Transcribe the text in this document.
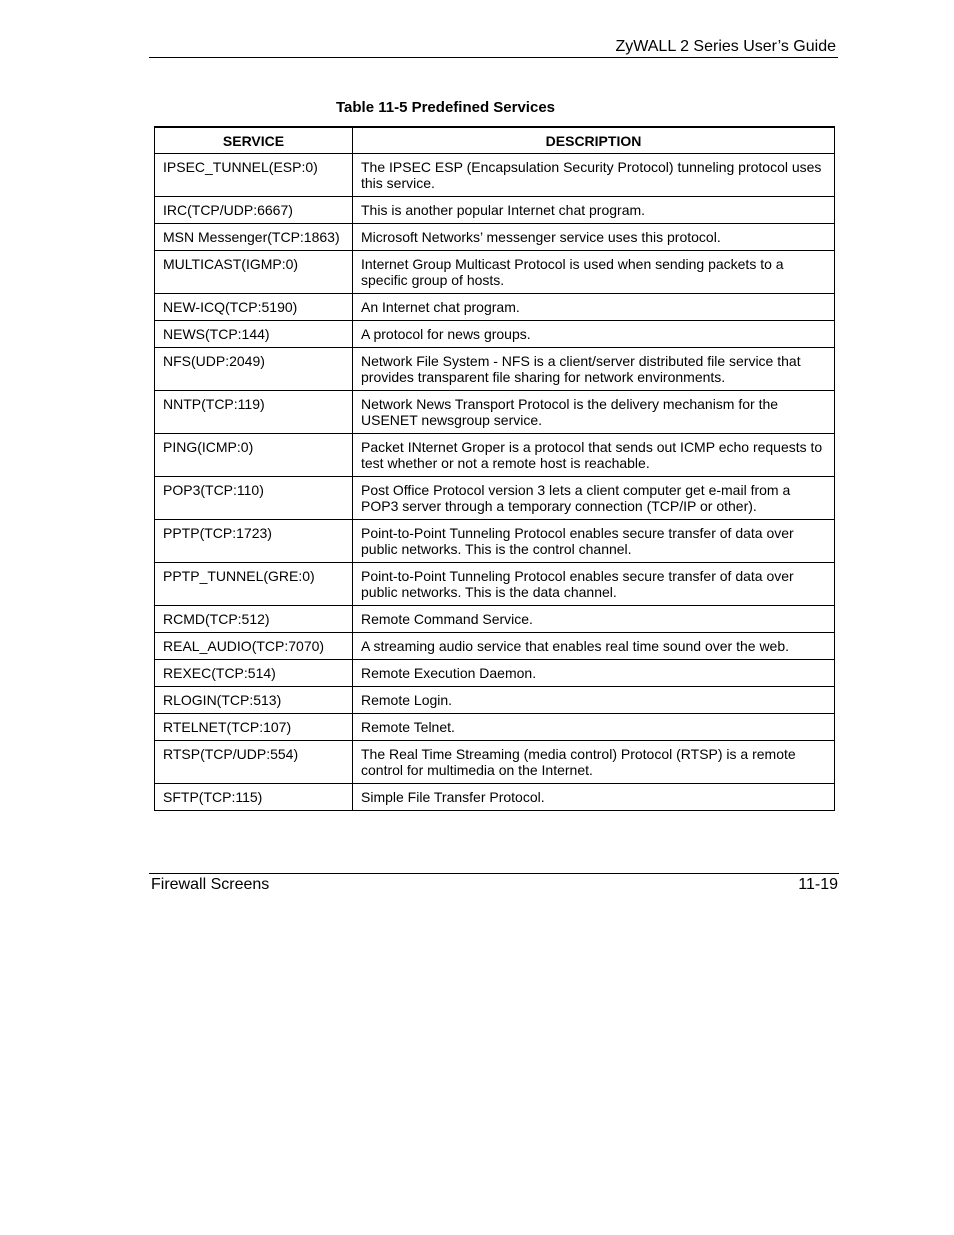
ZyWALL 2 Series User’s Guide
Table 11-5 Predefined Services
SERVICE	DESCRIPTION
IPSEC_TUNNEL(ESP:0)	The IPSEC ESP (Encapsulation Security Protocol) tunneling protocol uses this service.
IRC(TCP/UDP:6667)	This is another popular Internet chat program.
MSN Messenger(TCP:1863)	Microsoft Networks’ messenger service uses this protocol.
MULTICAST(IGMP:0)	Internet Group Multicast Protocol is used when sending packets to a specific group of hosts.
NEW-ICQ(TCP:5190)	An Internet chat program.
NEWS(TCP:144)	A protocol for news groups.
NFS(UDP:2049)	Network File System - NFS is a client/server distributed file service that provides transparent file sharing for network environments.
NNTP(TCP:119)	Network News Transport Protocol is the delivery mechanism for the USENET newsgroup service.
PING(ICMP:0)	Packet INternet Groper is a protocol that sends out ICMP echo requests to test whether or not a remote host is reachable.
POP3(TCP:110)	Post Office Protocol version 3 lets a client computer get e-mail from a POP3 server through a temporary connection (TCP/IP or other).
PPTP(TCP:1723)	Point-to-Point Tunneling Protocol enables secure transfer of data over public networks. This is the control channel.
PPTP_TUNNEL(GRE:0)	Point-to-Point Tunneling Protocol enables secure transfer of data over public networks. This is the data channel.
RCMD(TCP:512)	Remote Command Service.
REAL_AUDIO(TCP:7070)	A streaming audio service that enables real time sound over the web.
REXEC(TCP:514)	Remote Execution Daemon.
RLOGIN(TCP:513)	Remote Login.
RTELNET(TCP:107)	Remote Telnet.
RTSP(TCP/UDP:554)	The Real Time Streaming (media control) Protocol (RTSP) is a remote control for multimedia on the Internet.
SFTP(TCP:115)	Simple File Transfer Protocol.
Firewall Screens	11-19
